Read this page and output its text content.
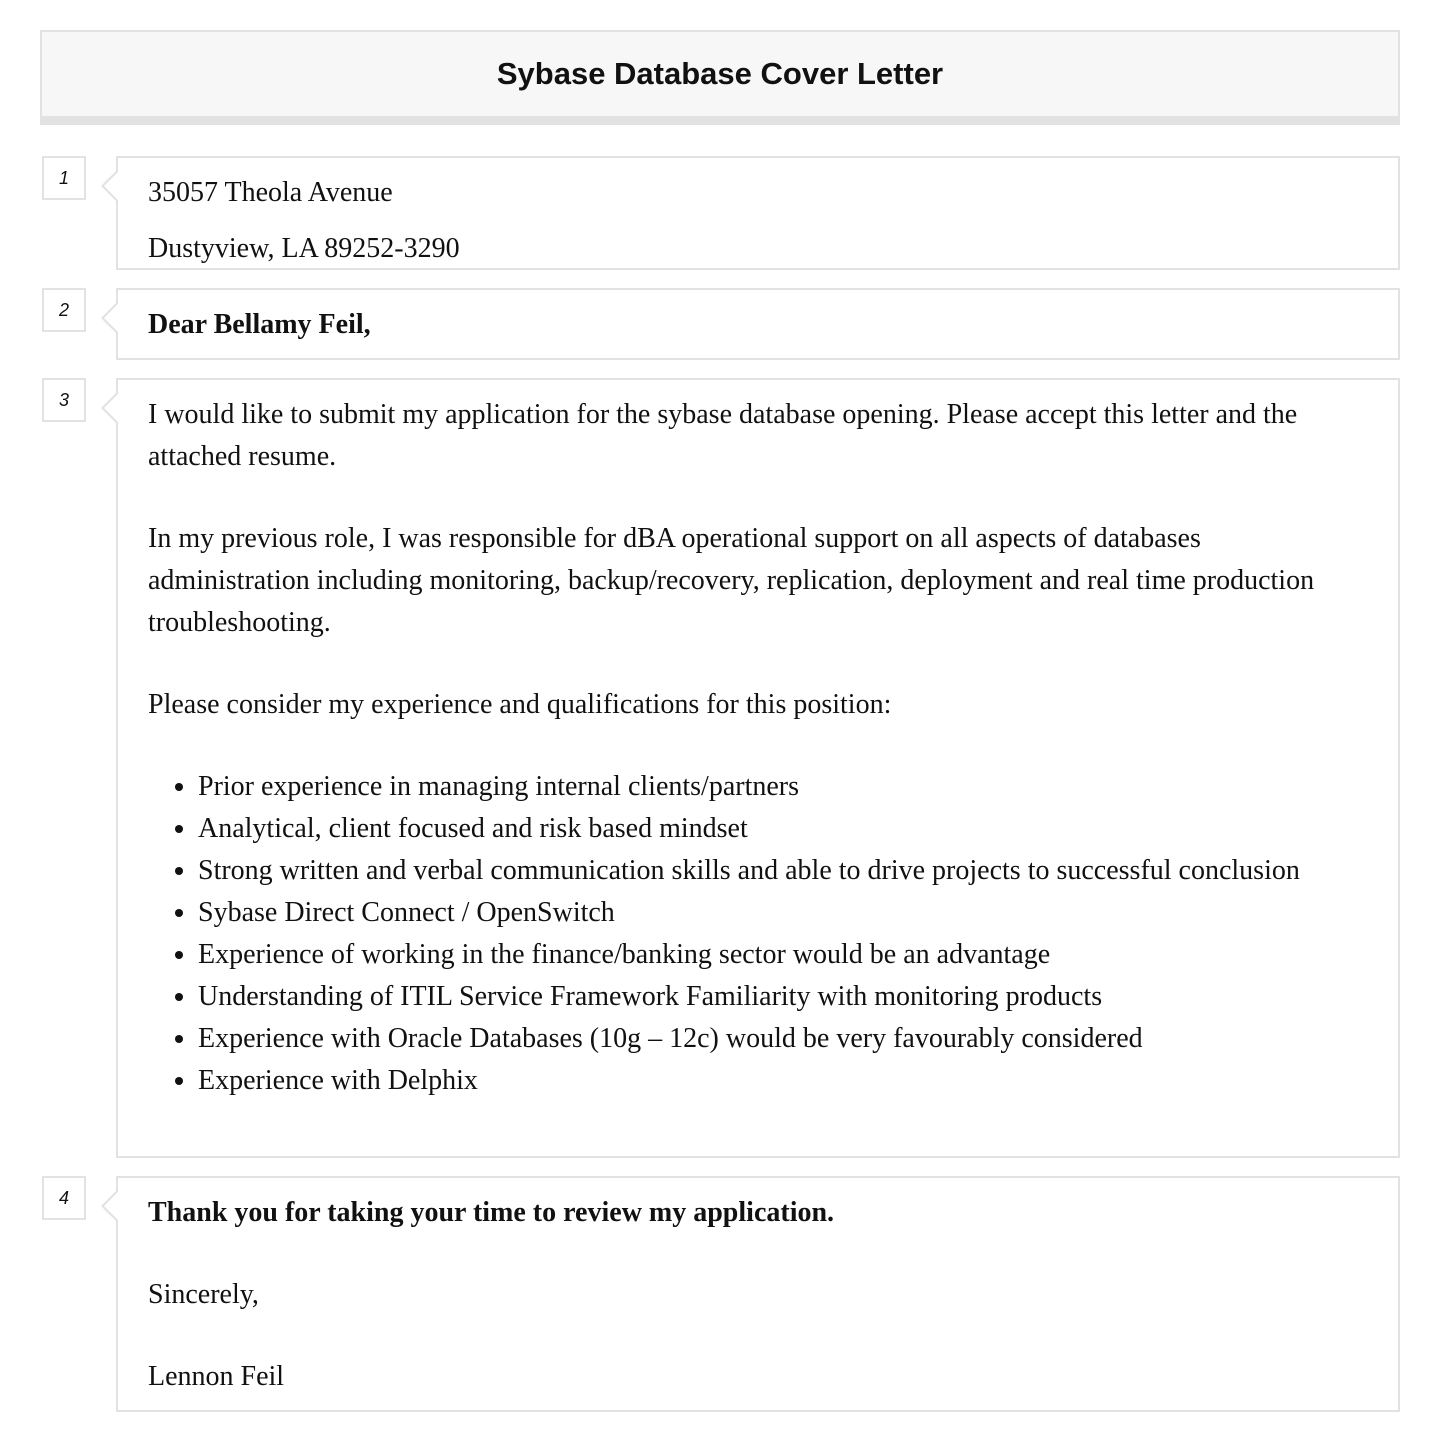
Sybase Database Cover Letter
1	35057 Theola Avenue

Dustyview, LA 89252-3290

2	Dear Bellamy Feil,

3	I would like to submit my application for the sybase database opening. Please accept this letter and the attached resume.

In my previous role, I was responsible for dBA operational support on all aspects of databases administration including monitoring, backup/recovery, replication, deployment and real time production troubleshooting.

Please consider my experience and qualifications for this position:

• Prior experience in managing internal clients/partners
• Analytical, client focused and risk based mindset
• Strong written and verbal communication skills and able to drive projects to successful conclusion
• Sybase Direct Connect / OpenSwitch
• Experience of working in the finance/banking sector would be an advantage
• Understanding of ITIL Service Framework Familiarity with monitoring products
• Experience with Oracle Databases (10g – 12c) would be very favourably considered
• Experience with Delphix
4	Thank you for taking your time to review my application.

Sincerely,

Lennon Feil
